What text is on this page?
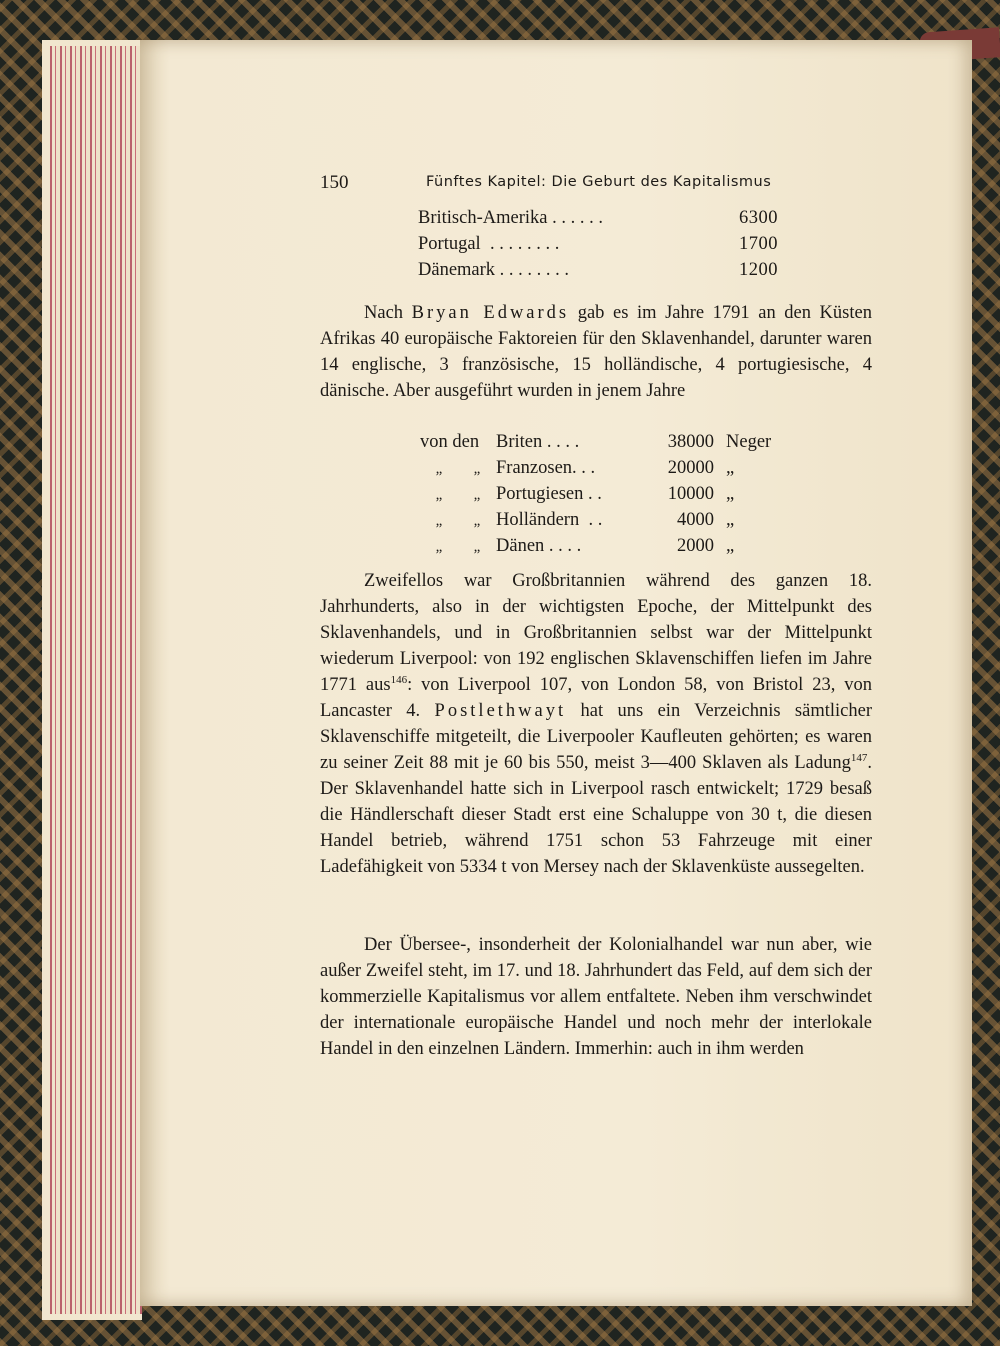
150	Fünftes Kapitel: Die Geburt des Kapitalismus
Britisch-Amerika . . . . . .	6300
Portugal  . . . . . . . .	1700
Dänemark . . . . . . . .	1200
Nach Bryan Edwards gab es im Jahre 1791 an den Küsten Afrikas 40 europäische Faktoreien für den Sklavenhandel, darunter waren 14 englische, 3 französische, 15 holländische, 4 portugiesische, 4 dänische. Aber ausgeführt wurden in jenem Jahre
von den Briten . . . .	38000 Neger
„ „ Franzosen. . .	20000 „
„ „ Portugiesen . .	10000 „
„ „ Holländern  . .	4000 „
„ „ Dänen . . . .	2000 „
Zweifellos war Großbritannien während des ganzen 18. Jahrhunderts, also in der wichtigsten Epoche, der Mittelpunkt des Sklavenhandels, und in Großbritannien selbst war der Mittelpunkt wiederum Liverpool: von 192 englischen Sklavenschiffen liefen im Jahre 1771 aus$^{146}$: von Liverpool 107, von London 58, von Bristol 23, von Lancaster 4. Postlethwayt hat uns ein Verzeichnis sämtlicher Sklavenschiffe mitgeteilt, die Liverpooler Kaufleuten gehörten; es waren zu seiner Zeit 88 mit je 60 bis 550, meist 3—400 Sklaven als Ladung$^{147}$. Der Sklavenhandel hatte sich in Liverpool rasch entwickelt; 1729 besaß die Händlerschaft dieser Stadt erst eine Schaluppe von 30 t, die diesen Handel betrieb, während 1751 schon 53 Fahrzeuge mit einer Ladefähigkeit von 5334 t von Mersey nach der Sklavenküste aussegelten.
Der Übersee-, insonderheit der Kolonialhandel war nun aber, wie außer Zweifel steht, im 17. und 18. Jahrhundert das Feld, auf dem sich der kommerzielle Kapitalismus vor allem entfaltete. Neben ihm verschwindet der internationale europäische Handel und noch mehr der interlokale Handel in den einzelnen Ländern. Immerhin: auch in ihm werden
